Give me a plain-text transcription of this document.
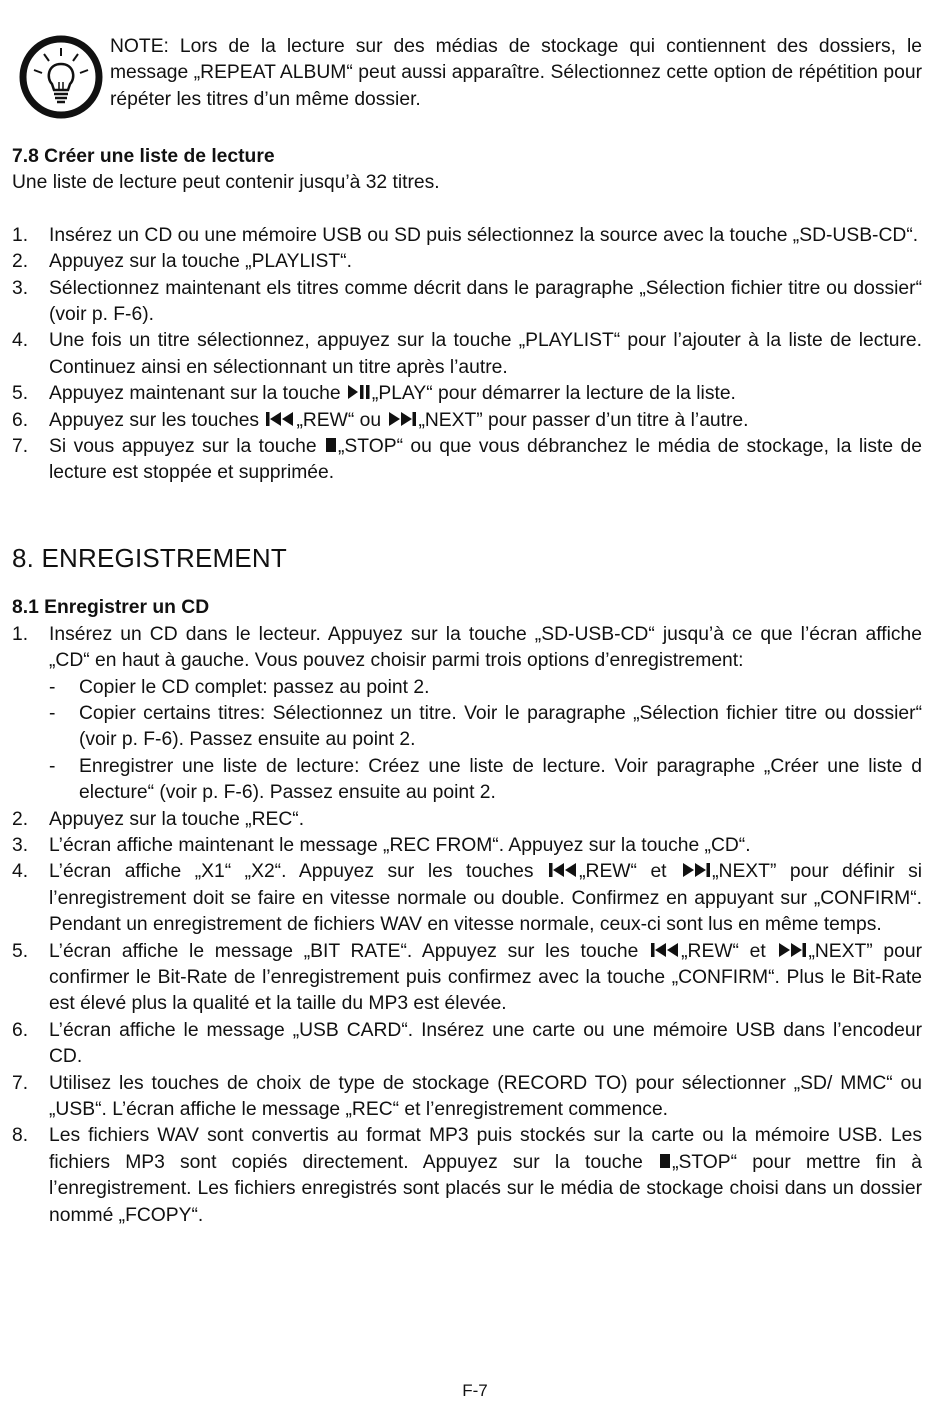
NOTE: Lors de la lecture sur des médias de stockage qui contiennent des dossiers, le message „REPEAT ALBUM“ peut aussi apparaître. Sélectionnez cette option de répétition pour répéter les titres d’un même dossier.
7.8 Créer une liste de lecture

Une liste de lecture peut contenir jusqu’à 32 titres.

1. Insérez un CD ou une mémoire USB ou SD puis sélectionnez la source avec la touche „SD-USB-CD“.
2. Appuyez sur la touche „PLAYLIST“.
3. Sélectionnez maintenant els titres comme décrit dans le paragraphe „Sélection fichier titre ou dossier“ (voir p. F-6).
4. Une fois un titre sélectionnez, appuyez sur la touche „PLAYLIST“ pour l’ajouter à la liste de lecture. Continuez ainsi en sélectionnant un titre après l’autre.
5. Appuyez maintenant sur la touche „PLAY“ pour démarrer la lecture de la liste.
6. Appuyez sur les touches „REW“ ou „NEXT” pour passer d’un titre à l’autre.
7. Si vous appuyez sur la touche „STOP“ ou que vous débranchez le média de stockage, la liste de lecture est stoppée et supprimée.
8. ENREGISTREMENT
8.1 Enregistrer un CD
1. Insérez un CD dans le lecteur. Appuyez sur la touche „SD-USB-CD“ jusqu’à ce que l’écran affiche „CD“ en haut à gauche. Vous pouvez choisir parmi trois options d’enregistrement:
- Copier le CD complet: passez au point 2.
- Copier certains titres: Sélectionnez un titre. Voir le paragraphe „Sélection fichier titre ou dossier“ (voir p. F-6). Passez ensuite au point 2.
- Enregistrer une liste de lecture: Créez une liste de lecture. Voir paragraphe „Créer une liste d electure“ (voir p. F-6). Passez ensuite au point 2.
2. Appuyez sur la touche „REC“.
3. L’écran affiche maintenant le message „REC FROM“. Appuyez sur la touche „CD“.
4. L’écran affiche „X1“ „X2“. Appuyez sur les touches „REW“ et „NEXT” pour définir si l’enregistrement doit se faire en vitesse normale ou double. Confirmez en appuyant sur „CONFIRM“. Pendant un enregistrement de fichiers WAV en vitesse normale, ceux-ci sont lus en même temps.
5. L’écran affiche le message „BIT RATE“. Appuyez sur les touche „REW“ et „NEXT” pour confirmer le Bit-Rate de l’enregistrement puis confirmez avec la touche „CONFIRM“. Plus le Bit-Rate est élevé plus la qualité et la taille du MP3 est élevée.
6. L’écran affiche le message „USB CARD“. Insérez une carte ou une mémoire USB dans l’encodeur CD.
7. Utilisez les touches de choix de type de stockage (RECORD TO) pour sélectionner „SD/ MMC“ ou „USB“. L’écran affiche le message „REC“ et l’enregistrement commence.
8. Les fichiers WAV sont convertis au format MP3 puis stockés sur la carte ou la mémoire USB. Les fichiers MP3 sont copiés directement. Appuyez sur la touche „STOP“ pour mettre fin à l’enregistrement. Les fichiers enregistrés sont placés sur le média de stockage choisi dans un dossier nommé „FCOPY“.
F-7
